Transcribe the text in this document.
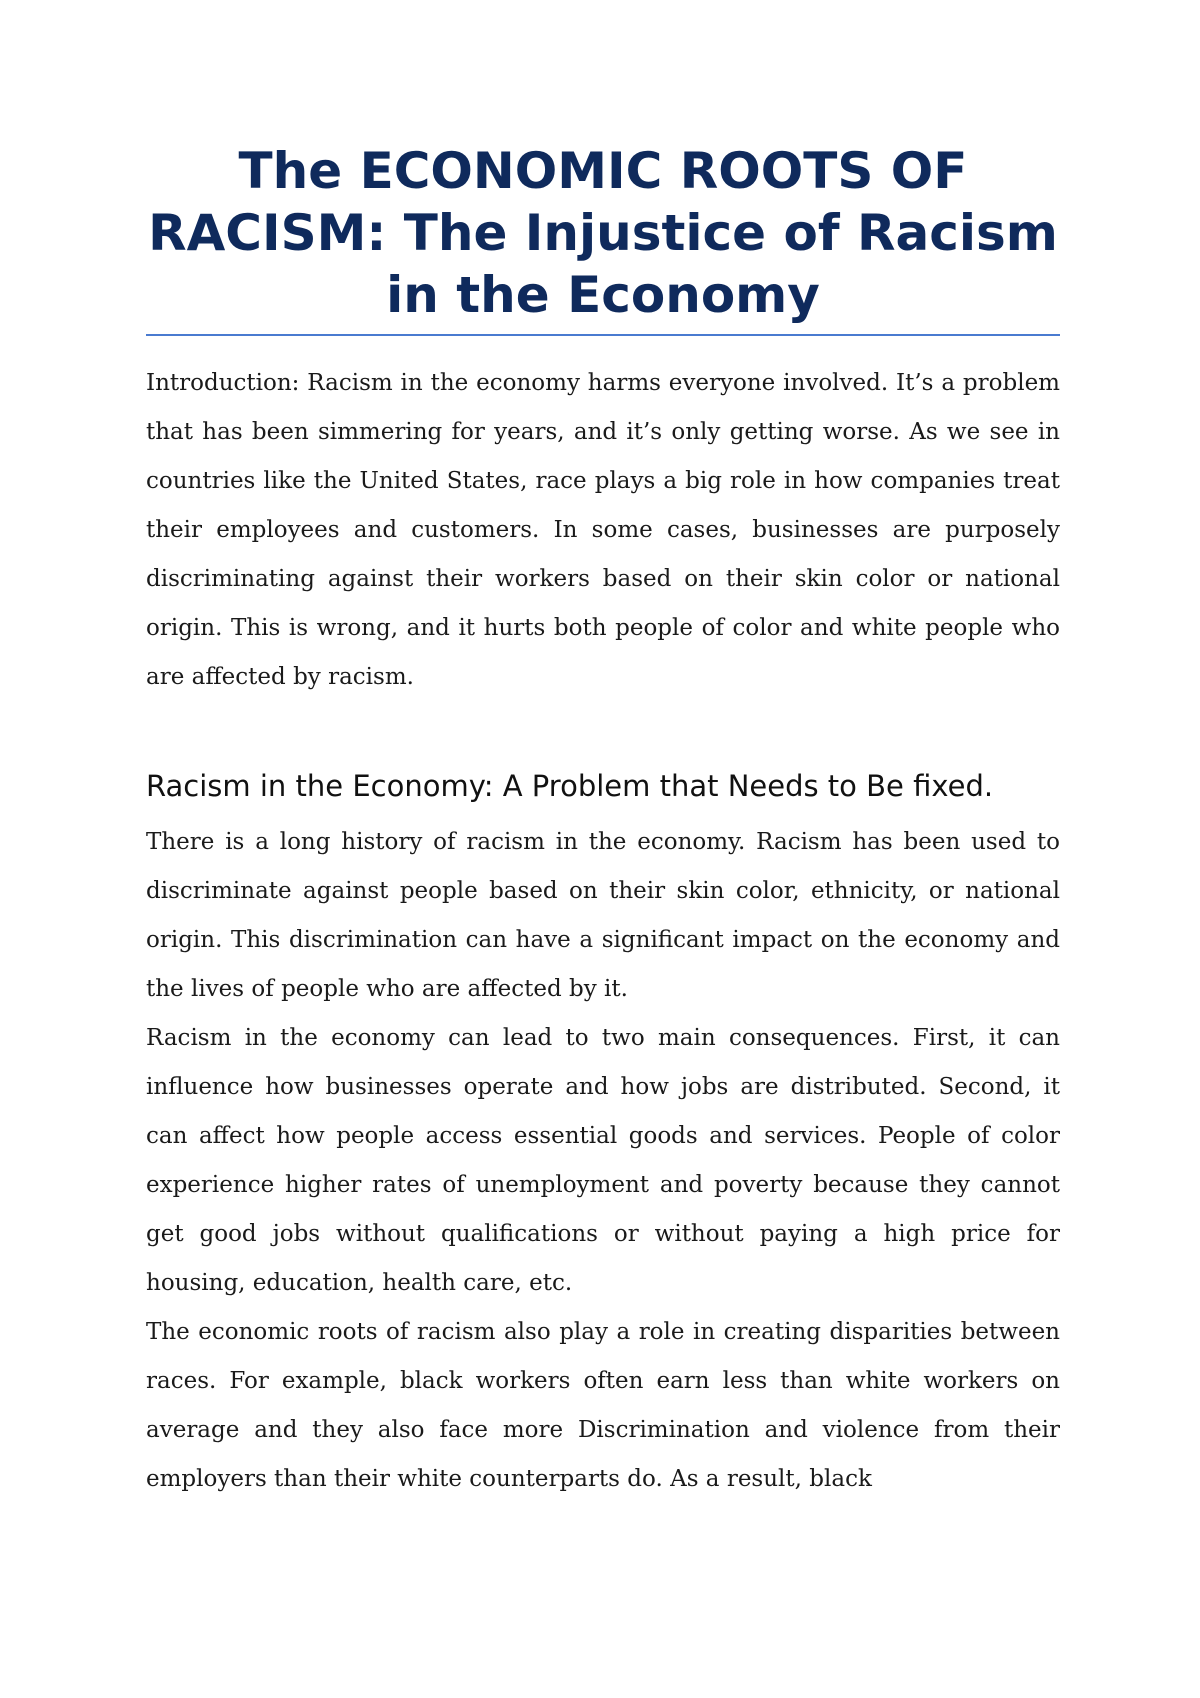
The ECONOMIC ROOTS OF RACISM: The Injustice of Racism in the Economy

Introduction: Racism in the economy harms everyone involved. It’s a problem that has been simmering for years, and it’s only getting worse. As we see in countries like the United States, race plays a big role in how companies treat their employees and customers. In some cases, businesses are purposely discriminating against their workers based on their skin color or national origin. This is wrong, and it hurts both people of color and white people who are affected by racism.

Racism in the Economy: A Problem that Needs to Be fixed.

There is a long history of racism in the economy. Racism has been used to discriminate against people based on their skin color, ethnicity, or national origin. This discrimination can have a significant impact on the economy and the lives of people who are affected by it.

Racism in the economy can lead to two main consequences. First, it can influence how businesses operate and how jobs are distributed. Second, it can affect how people access essential goods and services. People of color experience higher rates of unemployment and poverty because they cannot get good jobs without qualifications or without paying a high price for housing, education, health care, etc.

The economic roots of racism also play a role in creating disparities between races. For example, black workers often earn less than white workers on average and they also face more Discrimination and violence from their employers than their white counterparts do. As a result, black
